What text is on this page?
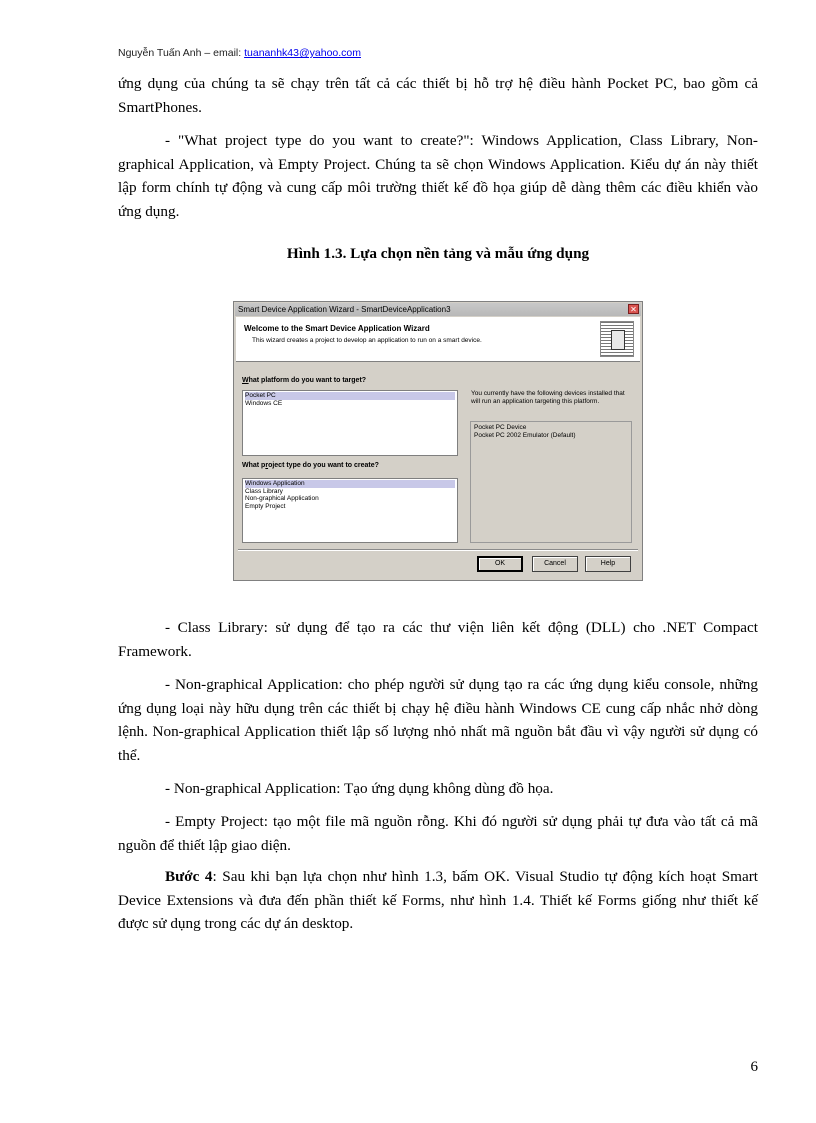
Nguyễn Tuấn Anh – email: tuananhk43@yahoo.com

ứng dụng của chúng ta sẽ chạy trên tất cả các thiết bị hỗ trợ hệ điều hành Pocket PC, bao gồm cả SmartPhones.

- "What project type do you want to create?": Windows Application, Class Library, Non-graphical Application, và Empty Project. Chúng ta sẽ chọn Windows Application. Kiểu dự án này thiết lập form chính tự động và cung cấp môi trường thiết kế đồ họa giúp dễ dàng thêm các điều khiển vào ứng dụng.

Hình 1.3. Lựa chọn nền tảng và mẫu ứng dụng
Smart Device Application Wizard - SmartDeviceApplication3	✕
Welcome to the Smart Device Application Wizard
This wizard creates a project to develop an application to run on a smart device.
What platform do you want to target?
Pocket PC
Windows CE
What project type do you want to create?
Windows Application
Class Library
Non-graphical Application
Empty Project
You currently have the following devices installed that will run an application targeting this platform.
Pocket PC Device
Pocket PC 2002 Emulator (Default)
OK	Cancel	Help

- Class Library: sử dụng để tạo ra các thư viện liên kết động (DLL) cho .NET Compact Framework.

- Non-graphical Application: cho phép người sử dụng tạo ra các ứng dụng kiểu console, những ứng dụng loại này hữu dụng trên các thiết bị chạy hệ điều hành Windows CE cung cấp nhắc nhở dòng lệnh. Non-graphical Application thiết lập số lượng nhỏ nhất mã nguồn bắt đầu vì vậy người sử dụng có thể.

- Non-graphical Application: Tạo ứng dụng không dùng đồ họa.

- Empty Project: tạo một file mã nguồn rỗng. Khi đó người sử dụng phải tự đưa vào tất cả mã nguồn để thiết lập giao diện.

Bước 4: Sau khi bạn lựa chọn như hình 1.3, bấm OK. Visual Studio tự động kích hoạt Smart Device Extensions và đưa đến phần thiết kế Forms, như hình 1.4. Thiết kế Forms giống như thiết kế được sử dụng trong các dự án desktop.

6
